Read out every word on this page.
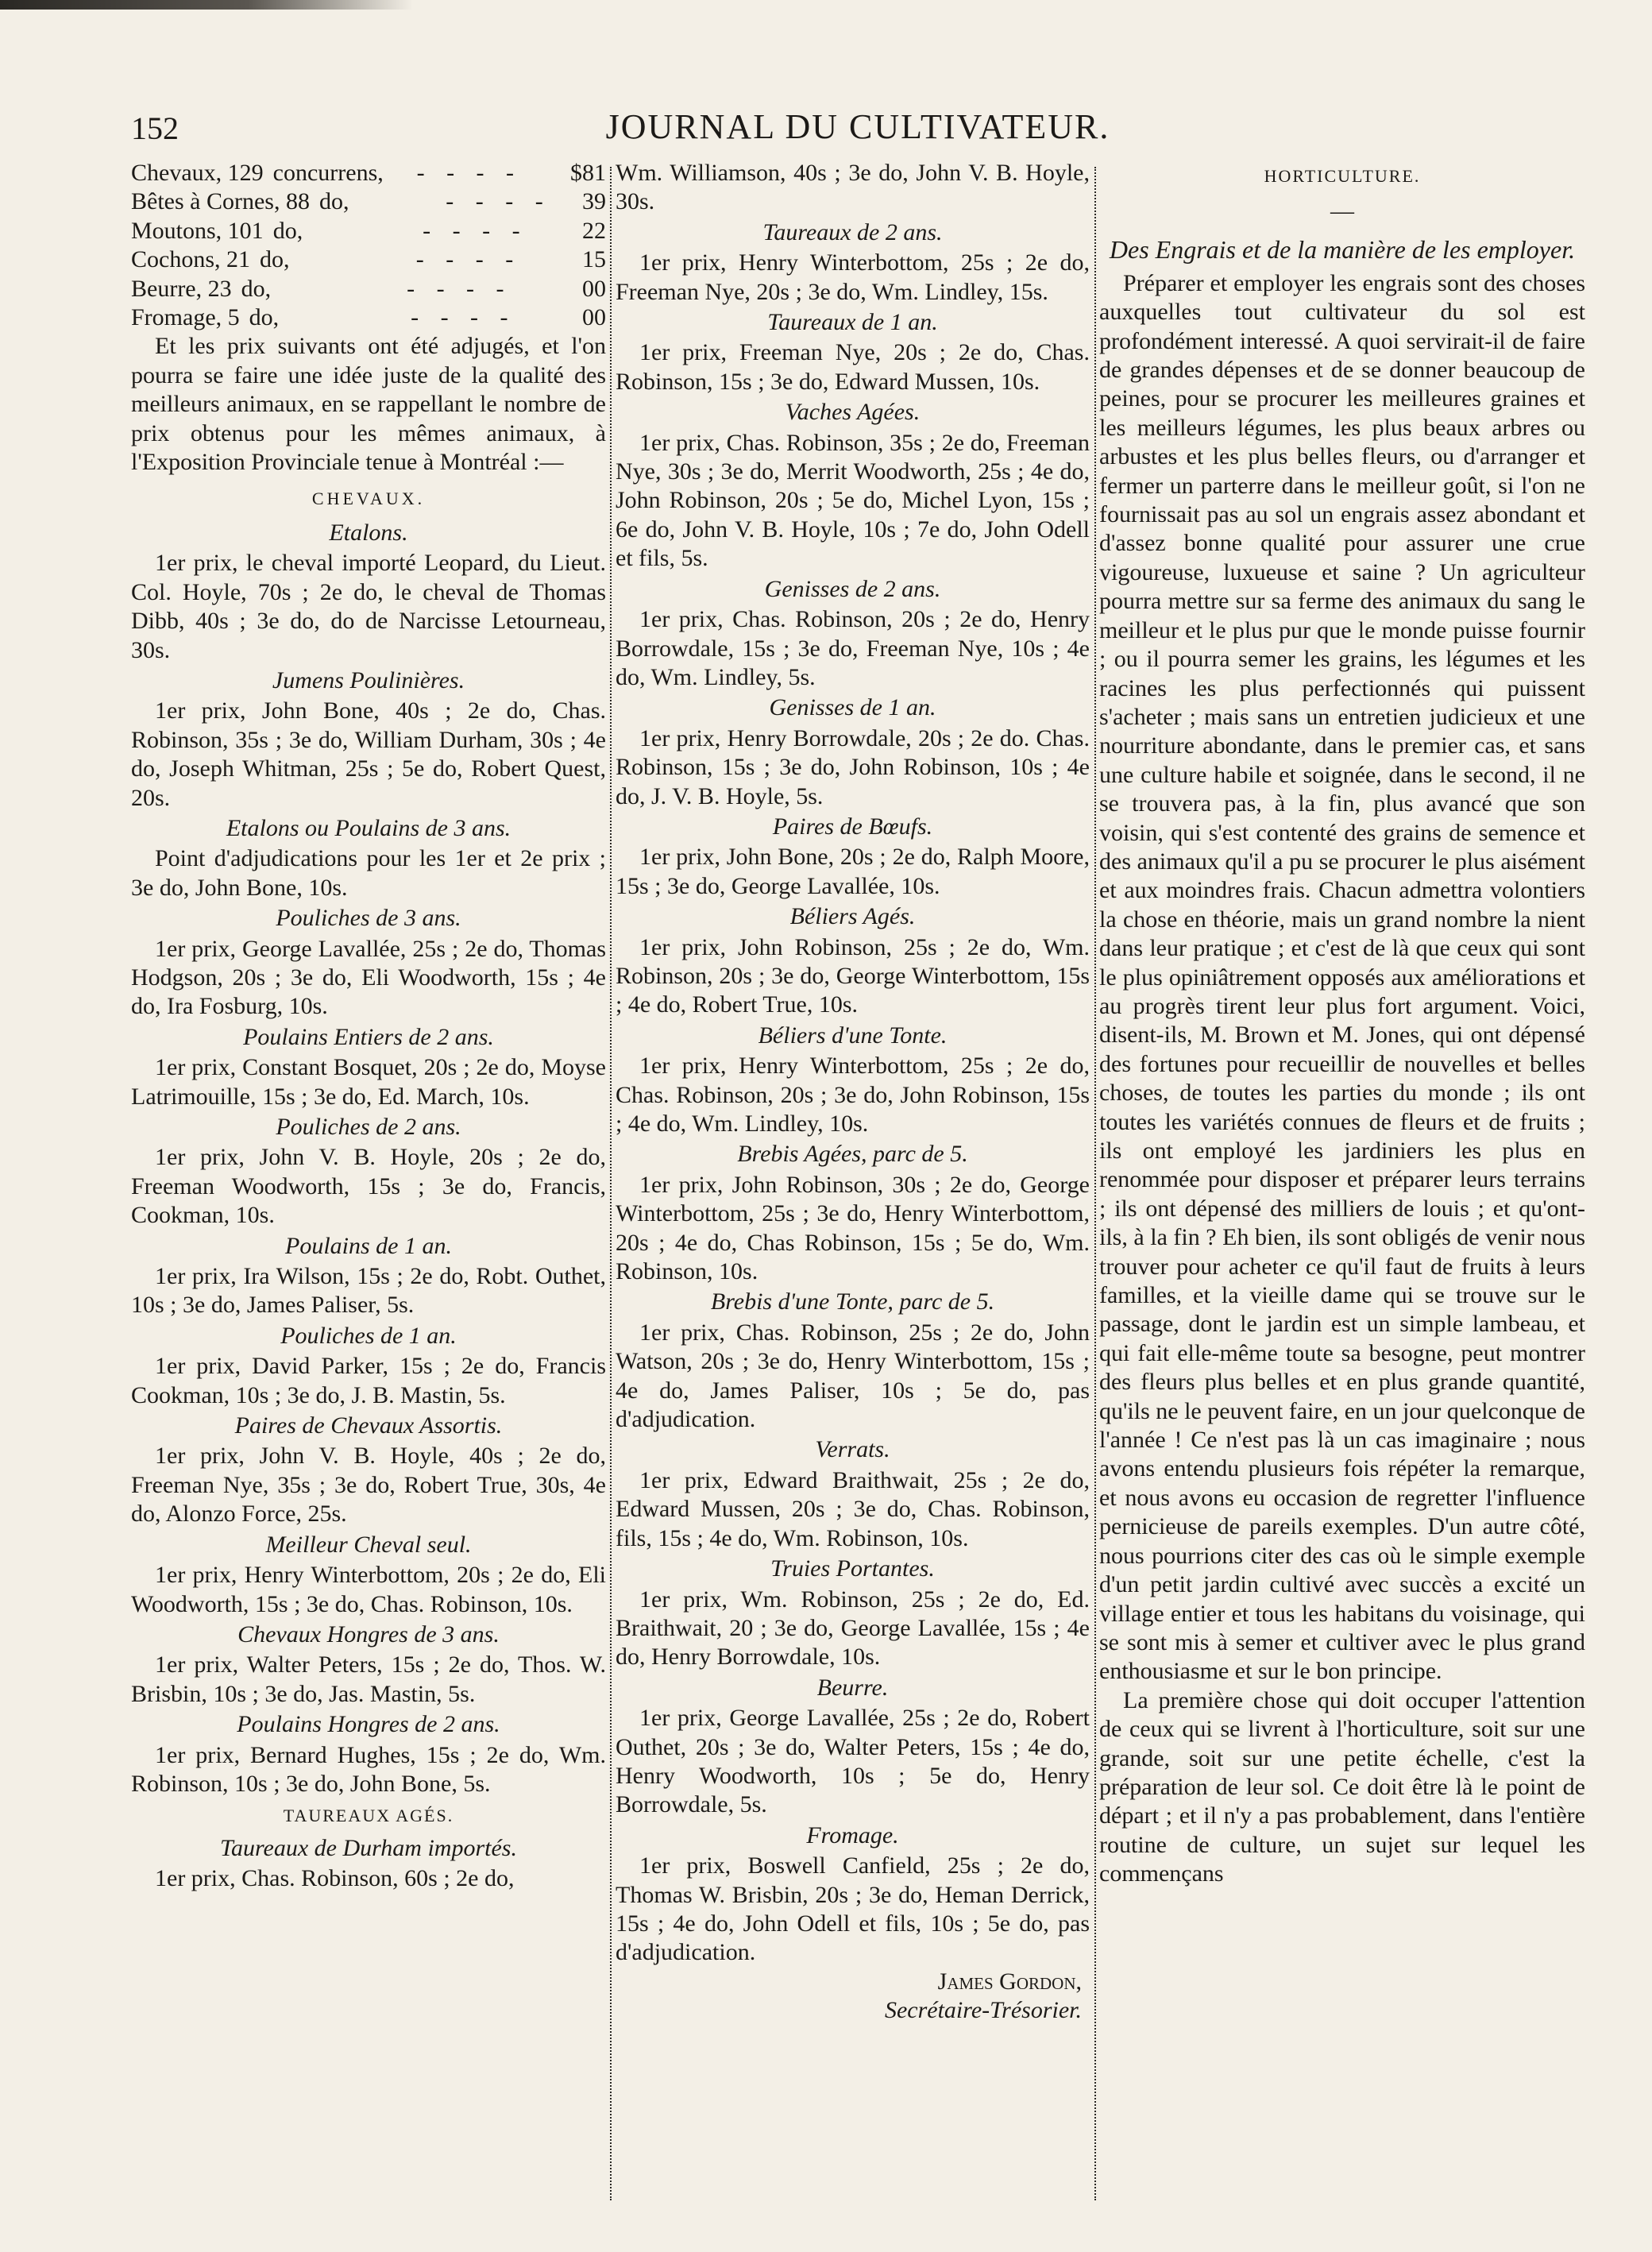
152	JOURNAL DU CULTIVATEUR.
Chevaux, 129 concurrens,	- - - -	$81
Bêtes à Cornes, 88 do,	- - - -	39
Moutons, 101 do,	- - - -	22
Cochons, 21 do,	- - - -	15
Beurre, 23 do,	- - - -	00
Fromage, 5 do,	- - - -	00

Et les prix suivants ont été adjugés, et l'on pourra se faire une idée juste de la qualité des meilleurs animaux, en se rappellant le nombre de prix obtenus pour les mêmes animaux, à l'Exposition Provinciale tenue à Montréal :—

CHEVAUX.
Etalons.

1er prix, le cheval importé Leopard, du Lieut. Col. Hoyle, 70s ; 2e do, le cheval de Thomas Dibb, 40s ; 3e do, do de Narcisse Letourneau, 30s.

Jumens Poulinières.

1er prix, John Bone, 40s ; 2e do, Chas. Robinson, 35s ; 3e do, William Durham, 30s ; 4e do, Joseph Whitman, 25s ; 5e do, Robert Quest, 20s.

Etalons ou Poulains de 3 ans.

Point d'adjudications pour les 1er et 2e prix ; 3e do, John Bone, 10s.

Pouliches de 3 ans.

1er prix, George Lavallée, 25s ; 2e do, Thomas Hodgson, 20s ; 3e do, Eli Woodworth, 15s ; 4e do, Ira Fosburg, 10s.

Poulains Entiers de 2 ans.

1er prix, Constant Bosquet, 20s ; 2e do, Moyse Latrimouille, 15s ; 3e do, Ed. March, 10s.

Pouliches de 2 ans.

1er prix, John V. B. Hoyle, 20s ; 2e do, Freeman Woodworth, 15s ; 3e do, Francis, Cookman, 10s.

Poulains de 1 an.

1er prix, Ira Wilson, 15s ; 2e do, Robt. Outhet, 10s ; 3e do, James Paliser, 5s.

Pouliches de 1 an.

1er prix, David Parker, 15s ; 2e do, Francis Cookman, 10s ; 3e do, J. B. Mastin, 5s.

Paires de Chevaux Assortis.

1er prix, John V. B. Hoyle, 40s ; 2e do, Freeman Nye, 35s ; 3e do, Robert True, 30s, 4e do, Alonzo Force, 25s.

Meilleur Cheval seul.

1er prix, Henry Winterbottom, 20s ; 2e do, Eli Woodworth, 15s ; 3e do, Chas. Robinson, 10s.

Chevaux Hongres de 3 ans.

1er prix, Walter Peters, 15s ; 2e do, Thos. W. Brisbin, 10s ; 3e do, Jas. Mastin, 5s.

Poulains Hongres de 2 ans.

1er prix, Bernard Hughes, 15s ; 2e do, Wm. Robinson, 10s ; 3e do, John Bone, 5s.

TAUREAUX AGÉS.
Taureaux de Durham importés.

1er prix, Chas. Robinson, 60s ; 2e do,

Wm. Williamson, 40s ; 3e do, John V. B. Hoyle, 30s.

Taureaux de 2 ans.

1er prix, Henry Winterbottom, 25s ; 2e do, Freeman Nye, 20s ; 3e do, Wm. Lindley, 15s.

Taureaux de 1 an.

1er prix, Freeman Nye, 20s ; 2e do, Chas. Robinson, 15s ; 3e do, Edward Mussen, 10s.

Vaches Agées.

1er prix, Chas. Robinson, 35s ; 2e do, Freeman Nye, 30s ; 3e do, Merrit Woodworth, 25s ; 4e do, John Robinson, 20s ; 5e do, Michel Lyon, 15s ; 6e do, John V. B. Hoyle, 10s ; 7e do, John Odell et fils, 5s.

Genisses de 2 ans.

1er prix, Chas. Robinson, 20s ; 2e do, Henry Borrowdale, 15s ; 3e do, Freeman Nye, 10s ; 4e do, Wm. Lindley, 5s.

Genisses de 1 an.

1er prix, Henry Borrowdale, 20s ; 2e do. Chas. Robinson, 15s ; 3e do, John Robinson, 10s ; 4e do, J. V. B. Hoyle, 5s.

Paires de Bœufs.

1er prix, John Bone, 20s ; 2e do, Ralph Moore, 15s ; 3e do, George Lavallée, 10s.

Béliers Agés.

1er prix, John Robinson, 25s ; 2e do, Wm. Robinson, 20s ; 3e do, George Winterbottom, 15s ; 4e do, Robert True, 10s.

Béliers d'une Tonte.

1er prix, Henry Winterbottom, 25s ; 2e do, Chas. Robinson, 20s ; 3e do, John Robinson, 15s ; 4e do, Wm. Lindley, 10s.

Brebis Agées, parc de 5.

1er prix, John Robinson, 30s ; 2e do, George Winterbottom, 25s ; 3e do, Henry Winterbottom, 20s ; 4e do, Chas Robinson, 15s ; 5e do, Wm. Robinson, 10s.

Brebis d'une Tonte, parc de 5.

1er prix, Chas. Robinson, 25s ; 2e do, John Watson, 20s ; 3e do, Henry Winterbottom, 15s ; 4e do, James Paliser, 10s ; 5e do, pas d'adjudication.

Verrats.

1er prix, Edward Braithwait, 25s ; 2e do, Edward Mussen, 20s ; 3e do, Chas. Robinson, fils, 15s ; 4e do, Wm. Robinson, 10s.

Truies Portantes.

1er prix, Wm. Robinson, 25s ; 2e do, Ed. Braithwait, 20 ; 3e do, George Lavallée, 15s ; 4e do, Henry Borrowdale, 10s.

Beurre.

1er prix, George Lavallée, 25s ; 2e do, Robert Outhet, 20s ; 3e do, Walter Peters, 15s ; 4e do, Henry Woodworth, 10s ; 5e do, Henry Borrowdale, 5s.

Fromage.

1er prix, Boswell Canfield, 25s ; 2e do, Thomas W. Brisbin, 20s ; 3e do, Heman Derrick, 15s ; 4e do, John Odell et fils, 10s ; 5e do, pas d'adjudication.

James Gordon,
Secrétaire-Trésorier.
HORTICULTURE.
—
Des Engrais et de la manière de les employer.

Préparer et employer les engrais sont des choses auxquelles tout cultivateur du sol est profondément interessé. A quoi servirait-il de faire de grandes dépenses et de se donner beaucoup de peines, pour se procurer les meilleures graines et les meilleurs légumes, les plus beaux arbres ou arbustes et les plus belles fleurs, ou d'arranger et fermer un parterre dans le meilleur goût, si l'on ne fournissait pas au sol un engrais assez abondant et d'assez bonne qualité pour assurer une crue vigoureuse, luxueuse et saine ? Un agriculteur pourra mettre sur sa ferme des animaux du sang le meilleur et le plus pur que le monde puisse fournir ; ou il pourra semer les grains, les légumes et les racines les plus perfectionnés qui puissent s'acheter ; mais sans un entretien judicieux et une nourriture abondante, dans le premier cas, et sans une culture habile et soignée, dans le second, il ne se trouvera pas, à la fin, plus avancé que son voisin, qui s'est contenté des grains de semence et des animaux qu'il a pu se procurer le plus aisément et aux moindres frais. Chacun admettra volontiers la chose en théorie, mais un grand nombre la nient dans leur pratique ; et c'est de là que ceux qui sont le plus opiniâtrement opposés aux améliorations et au progrès tirent leur plus fort argument. Voici, disent-ils, M. Brown et M. Jones, qui ont dépensé des fortunes pour recueillir de nouvelles et belles choses, de toutes les parties du monde ; ils ont toutes les variétés connues de fleurs et de fruits ; ils ont employé les jardiniers les plus en renommée pour disposer et préparer leurs terrains ; ils ont dépensé des milliers de louis ; et qu'ont-ils, à la fin ? Eh bien, ils sont obligés de venir nous trouver pour acheter ce qu'il faut de fruits à leurs familles, et la vieille dame qui se trouve sur le passage, dont le jardin est un simple lambeau, et qui fait elle-même toute sa besogne, peut montrer des fleurs plus belles et en plus grande quantité, qu'ils ne le peuvent faire, en un jour quelconque de l'année ! Ce n'est pas là un cas imaginaire ; nous avons entendu plusieurs fois répéter la remarque, et nous avons eu occasion de regretter l'influence pernicieuse de pareils exemples. D'un autre côté, nous pourrions citer des cas où le simple exemple d'un petit jardin cultivé avec succès a excité un village entier et tous les habitans du voisinage, qui se sont mis à semer et cultiver avec le plus grand enthousiasme et sur le bon principe.

La première chose qui doit occuper l'attention de ceux qui se livrent à l'horticulture, soit sur une grande, soit sur une petite échelle, c'est la préparation de leur sol. Ce doit être là le point de départ ; et il n'y a pas probablement, dans l'entière routine de culture, un sujet sur lequel les commençans
